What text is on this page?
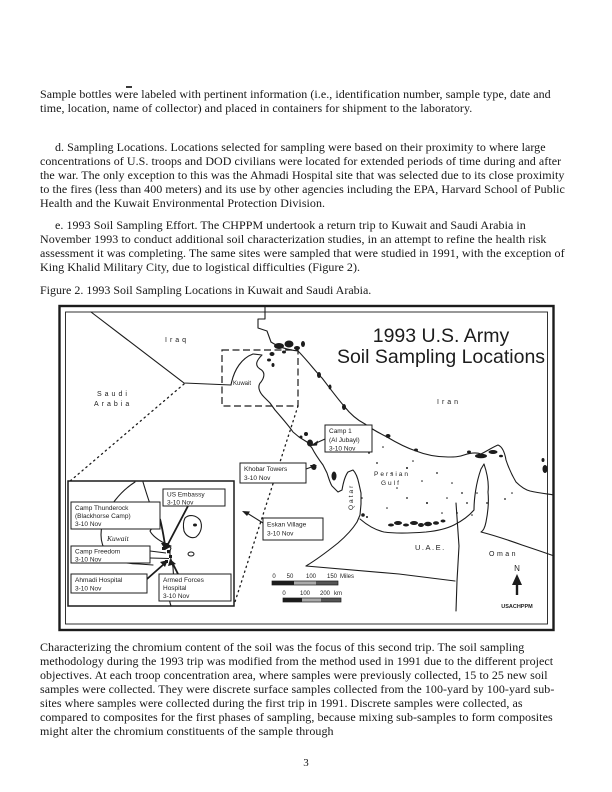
Sample bottles were labeled with pertinent information (i.e., identification number, sample type, date and time, location, name of collector) and placed in containers for shipment to the laboratory.

d. Sampling Locations. Locations selected for sampling were based on their proximity to where large concentrations of U.S. troops and DOD civilians were located for extended periods of time during and after the war. The only exception to this was the Ahmadi Hospital site that was selected due to its close proximity to the fires (less than 400 meters) and its use by other agencies including the EPA, Harvard School of Public Health and the Kuwait Environmental Protection Division.

e. 1993 Soil Sampling Effort. The CHPPM undertook a return trip to Kuwait and Saudi Arabia in November 1993 to conduct additional soil characterization studies, in an attempt to refine the health risk assessment it was completing. The same sites were sampled that were studied in 1991, with the exception of King Khalid Military City, due to logistical difficulties (Figure 2).

Figure 2. 1993 Soil Sampling Locations in Kuwait and Saudi Arabia.

1993 U.S. Army
Soil Sampling Locations
Iraq
Saudi
Arabia
Kuwait
Iran
Persian
Gulf
Qatar
U.A.E.
Oman
Camp 1
(Al Jubayl)
3-10 Nov
Khobar Towers
3-10 Nov
Eskan Village
3-10 Nov
US Embassy
3-10 Nov
Camp Thunderock
(Blackhorse Camp)
3-10 Nov
Kuwait
Camp Freedom
3-10 Nov
Ahmadi Hospital
3-10 Nov
Armed Forces
Hospital
3-10 Nov
0 50 100 150 Miles
0 100 200 km
N
USACHPPM

Characterizing the chromium content of the soil was the focus of this second trip. The soil sampling methodology during the 1993 trip was modified from the method used in 1991 due to the different project objectives. At each troop concentration area, where samples were previously collected, 15 to 25 new soil samples were collected. They were discrete surface samples collected from the 100-yard by 100-yard sub-sites where samples were collected during the first trip in 1991. Discrete samples were collected, as compared to composites for the first phases of sampling, because mixing sub-samples to form composites might alter the chromium constituents of the sample through

3
